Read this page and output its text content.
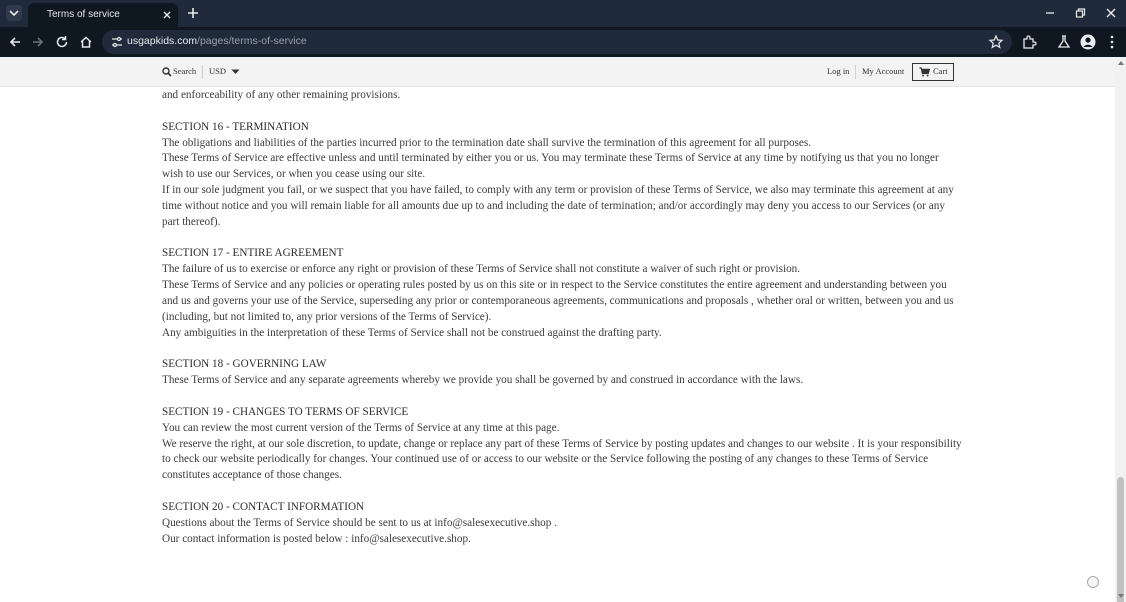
Terms of service
usgapkids.com/pages/terms-of-service
Search USD	Log in My Account	Cart

and enforceability of any other remaining provisions.

SECTION 16 - TERMINATION

The obligations and liabilities of the parties incurred prior to the termination date shall survive the termination of this agreement for all purposes.

These Terms of Service are effective unless and until terminated by either you or us. You may terminate these Terms of Service at any time by notifying us that you no longer wish to use our Services, or when you cease using our site.

If in our sole judgment you fail, or we suspect that you have failed, to comply with any term or provision of these Terms of Service, we also may terminate this agreement at any time without notice and you will remain liable for all amounts due up to and including the date of termination; and/or accordingly may deny you access to our Services (or any part thereof).

SECTION 17 - ENTIRE AGREEMENT

The failure of us to exercise or enforce any right or provision of these Terms of Service shall not constitute a waiver of such right or provision.

These Terms of Service and any policies or operating rules posted by us on this site or in respect to the Service constitutes the entire agreement and understanding between you and us and governs your use of the Service, superseding any prior or contemporaneous agreements, communications and proposals , whether oral or written, between you and us (including, but not limited to, any prior versions of the Terms of Service).

Any ambiguities in the interpretation of these Terms of Service shall not be construed against the drafting party.

SECTION 18 - GOVERNING LAW

These Terms of Service and any separate agreements whereby we provide you shall be governed by and construed in accordance with the laws.

SECTION 19 - CHANGES TO TERMS OF SERVICE

You can review the most current version of the Terms of Service at any time at this page.

We reserve the right, at our sole discretion, to update, change or replace any part of these Terms of Service by posting updates and changes to our website . It is your responsibility to check our website periodically for changes. Your continued use of or access to our website or the Service following the posting of any changes to these Terms of Service constitutes acceptance of those changes.

SECTION 20 - CONTACT INFORMATION

Questions about the Terms of Service should be sent to us at info@salesexecutive.shop .

Our contact information is posted below : info@salesexecutive.shop.
